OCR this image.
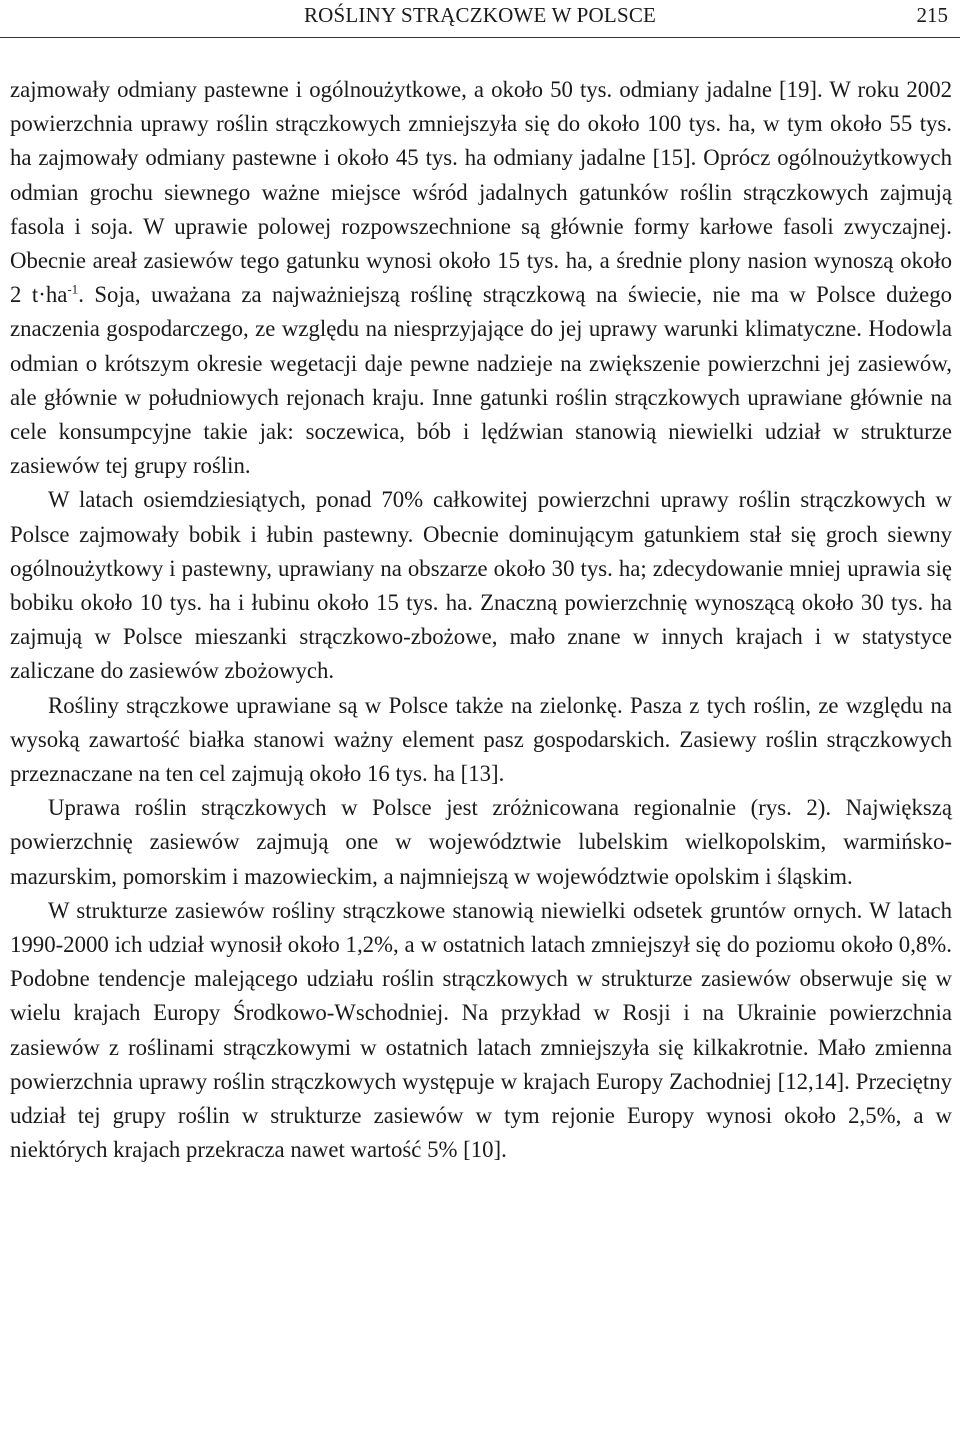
ROŚLINY STRĄCZKOWE W POLSCE	215

zajmowały odmiany pastewne i ogólnoużytkowe, a około 50 tys. odmiany jadalne [19]. W roku 2002 powierzchnia uprawy roślin strączkowych zmniejszyła się do około 100 tys. ha, w tym około 55 tys. ha zajmowały odmiany pastewne i około 45 tys. ha odmiany jadalne [15]. Oprócz ogólnoużytkowych odmian grochu siewnego ważne miejsce wśród jadalnych gatunków roślin strączkowych zajmują fasola i soja. W uprawie polowej rozpowszechnione są głównie formy karłowe fasoli zwyczajnej. Obecnie areał zasiewów tego gatunku wynosi około 15 tys. ha, a średnie plony nasion wynoszą około 2 $t\cdot ha^{-1}$. Soja, uważana za najważniejszą roślinę strączkową na świecie, nie ma w Polsce dużego znaczenia gospodarczego, ze względu na niesprzyjające do jej uprawy warunki klimatyczne. Hodowla odmian o krótszym okresie wegetacji daje pewne nadzieje na zwiększenie powierzchni jej zasiewów, ale głównie w południowych rejonach kraju. Inne gatunki roślin strączkowych uprawiane głównie na cele konsumpcyjne takie jak: soczewica, bób i lędźwian stanowią niewielki udział w strukturze zasiewów tej grupy roślin.

W latach osiemdziesiątych, ponad 70% całkowitej powierzchni uprawy roślin strączkowych w Polsce zajmowały bobik i łubin pastewny. Obecnie dominującym gatunkiem stał się groch siewny ogólnoużytkowy i pastewny, uprawiany na obszarze około 30 tys. ha; zdecydowanie mniej uprawia się bobiku około 10 tys. ha i łubinu około 15 tys. ha. Znaczną powierzchnię wynoszącą około 30 tys. ha zajmują w Polsce mieszanki strączkowo-zbożowe, mało znane w innych krajach i w statystyce zaliczane do zasiewów zbożowych.

Rośliny strączkowe uprawiane są w Polsce także na zielonkę. Pasza z tych roślin, ze względu na wysoką zawartość białka stanowi ważny element pasz gospodarskich. Zasiewy roślin strączkowych przeznaczane na ten cel zajmują około 16 tys. ha [13].

Uprawa roślin strączkowych w Polsce jest zróżnicowana regionalnie (rys. 2). Największą powierzchnię zasiewów zajmują one w województwie lubelskim wielkopolskim, warmińsko-mazurskim, pomorskim i mazowieckim, a najmniejszą w województwie opolskim i śląskim.

W strukturze zasiewów rośliny strączkowe stanowią niewielki odsetek gruntów ornych. W latach 1990-2000 ich udział wynosił około 1,2%, a w ostatnich latach zmniejszył się do poziomu około 0,8%. Podobne tendencje malejącego udziału roślin strączkowych w strukturze zasiewów obserwuje się w wielu krajach Europy Środkowo-Wschodniej. Na przykład w Rosji i na Ukrainie powierzchnia zasiewów z roślinami strączkowymi w ostatnich latach zmniejszyła się kilkakrotnie. Mało zmienna powierzchnia uprawy roślin strączkowych występuje w krajach Europy Zachodniej [12,14]. Przeciętny udział tej grupy roślin w strukturze zasiewów w tym rejonie Europy wynosi około 2,5%, a w niektórych krajach przekracza nawet wartość 5% [10].
